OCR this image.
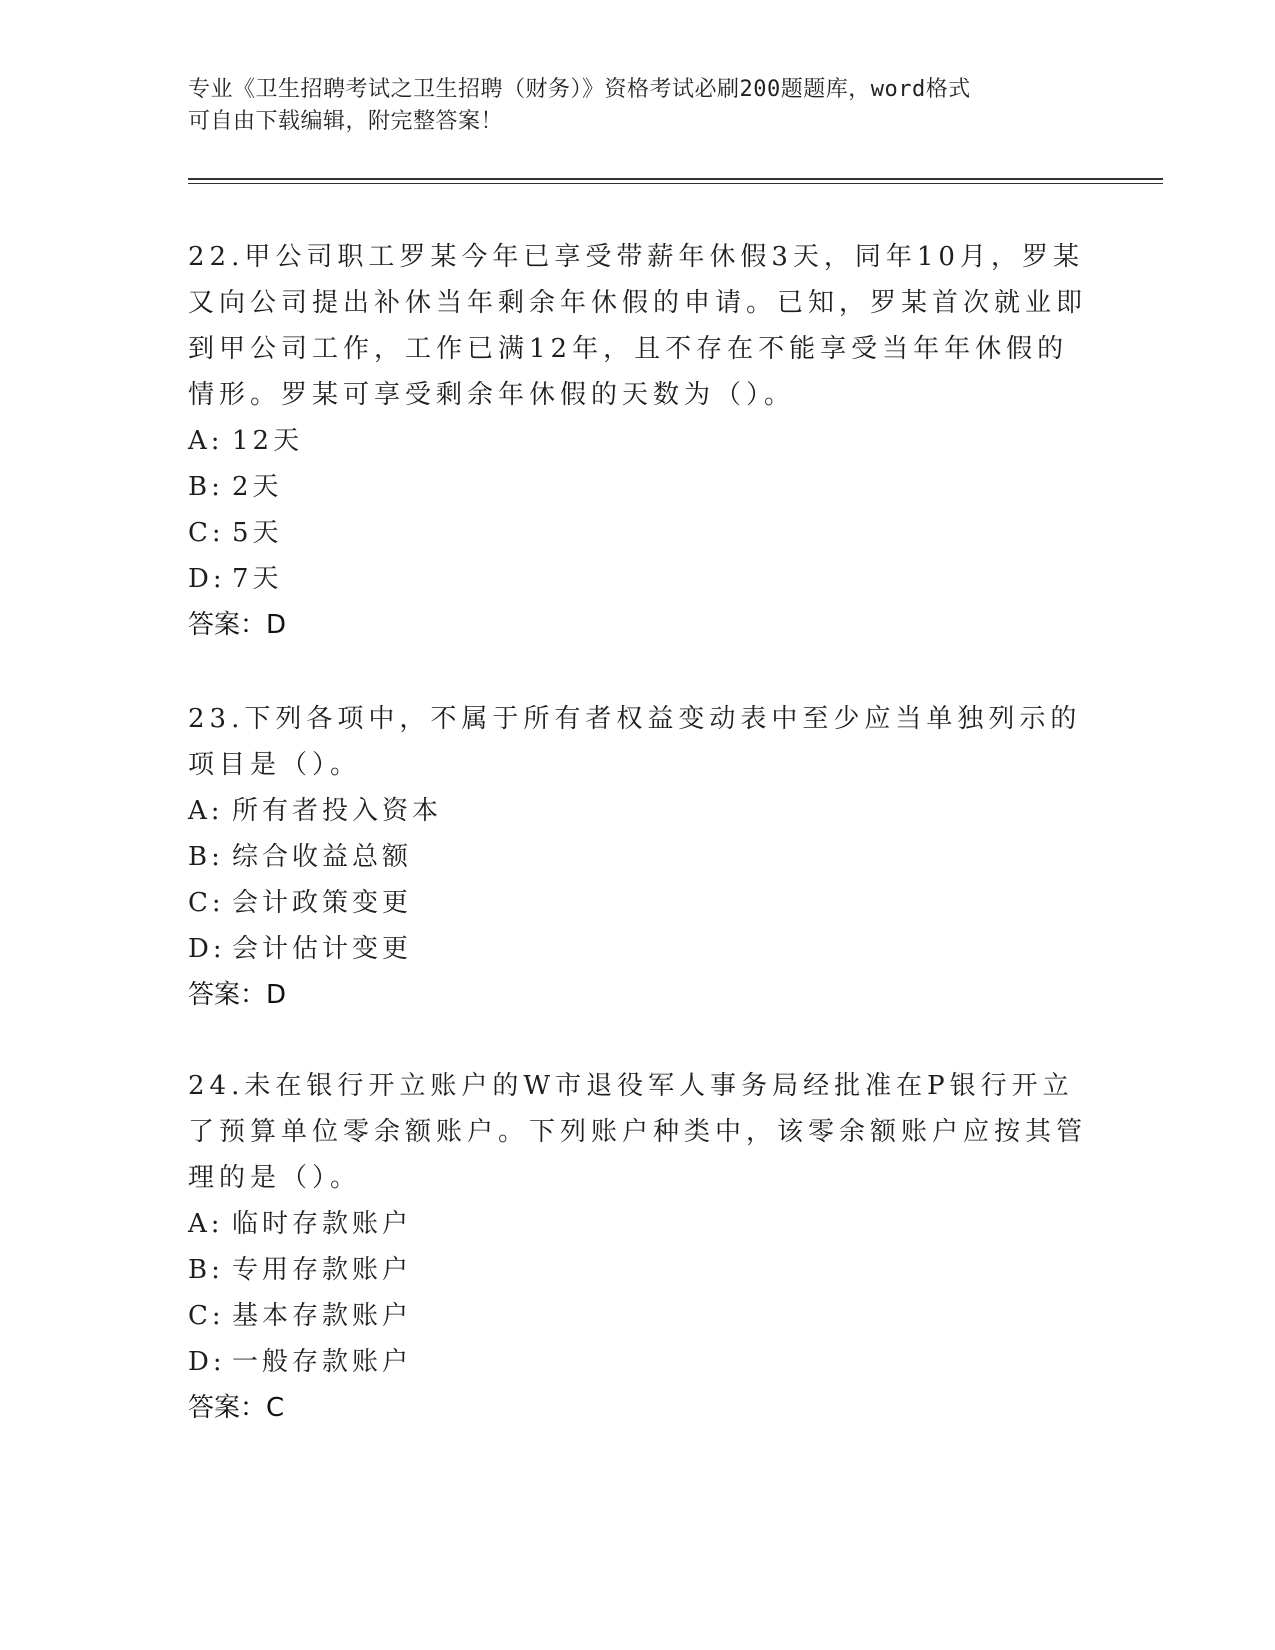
专业《卫生招聘考试之卫生招聘（财务）》资格考试必刷200题题库，word格式
可自由下载编辑，附完整答案！

22.甲公司职工罗某今年已享受带薪年休假3天，同年10月，罗某又向公司提出补休当年剩余年休假的申请。已知，罗某首次就业即到甲公司工作，工作已满12年，且不存在不能享受当年年休假的情形。罗某可享受剩余年休假的天数为（）。

A: 12天

B: 2天

C: 5天

D: 7天

答案： D

23.下列各项中，不属于所有者权益变动表中至少应当单独列示的项目是（）。

A: 所有者投入资本

B: 综合收益总额

C: 会计政策变更

D: 会计估计变更

答案： D

24.未在银行开立账户的W市退役军人事务局经批准在P银行开立了预算单位零余额账户。下列账户种类中，该零余额账户应按其管理的是（）。

A: 临时存款账户

B: 专用存款账户

C: 基本存款账户

D: 一般存款账户

答案： C
